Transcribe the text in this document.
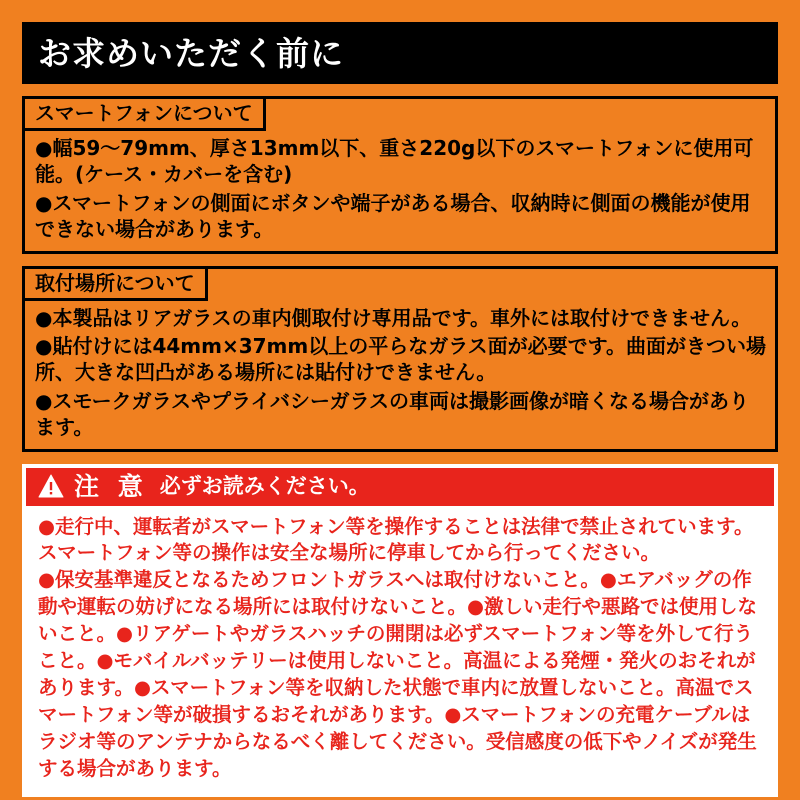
お求めいただく前に
スマートフォンについて

●幅59〜79mm、厚さ13mm以下、重さ220g以下のスマートフォンに使用可能。(ケース・カバーを含む)

●スマートフォンの側面にボタンや端子がある場合、収納時に側面の機能が使用できない場合があります。

取付場所について

●本製品はリアガラスの車内側取付け専用品です。車外には取付けできません。

●貼付けには44mm×37mm以上の平らなガラス面が必要です。曲面がきつい場所、大きな凹凸がある場所には貼付けできません。

●スモークガラスやプライバシーガラスの車両は撮影画像が暗くなる場合があります。

注 意 必ずお読みください。

●走行中、運転者がスマートフォン等を操作することは法律で禁止されています。スマートフォン等の操作は安全な場所に停車してから行ってください。

●保安基準違反となるためフロントガラスへは取付けないこと。●エアバッグの作動や運転の妨げになる場所には取付けないこと。●激しい走行や悪路では使用しないこと。●リアゲートやガラスハッチの開閉は必ずスマートフォン等を外して行うこと。●モバイルバッテリーは使用しないこと。高温による発煙・発火のおそれがあります。●スマートフォン等を収納した状態で車内に放置しないこと。高温でスマートフォン等が破損するおそれがあります。●スマートフォンの充電ケーブルはラジオ等のアンテナからなるべく離してください。受信感度の低下やノイズが発生する場合があります。
